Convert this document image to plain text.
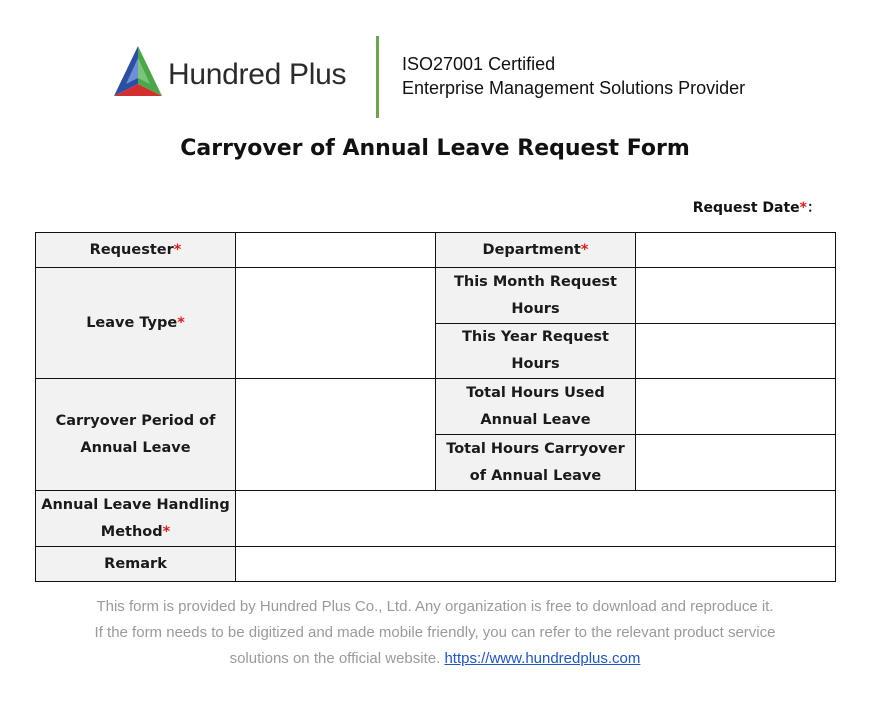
Hundred Plus	ISO27001 Certified
Enterprise Management Solutions Provider
Carryover of Annual Leave Request Form
Request Date*：
Requester*		Department*	
Leave Type*		This Month Request Hours	
		This Year Request Hours	
Carryover Period of Annual Leave		Total Hours Used Annual Leave	
		Total Hours Carryover of Annual Leave	
Annual Leave Handling Method*			
Remark			
This form is provided by Hundred Plus Co., Ltd. Any organization is free to download and reproduce it.
If the form needs to be digitized and made mobile friendly, you can refer to the relevant product service
solutions on the official website. https://www.hundredplus.com
